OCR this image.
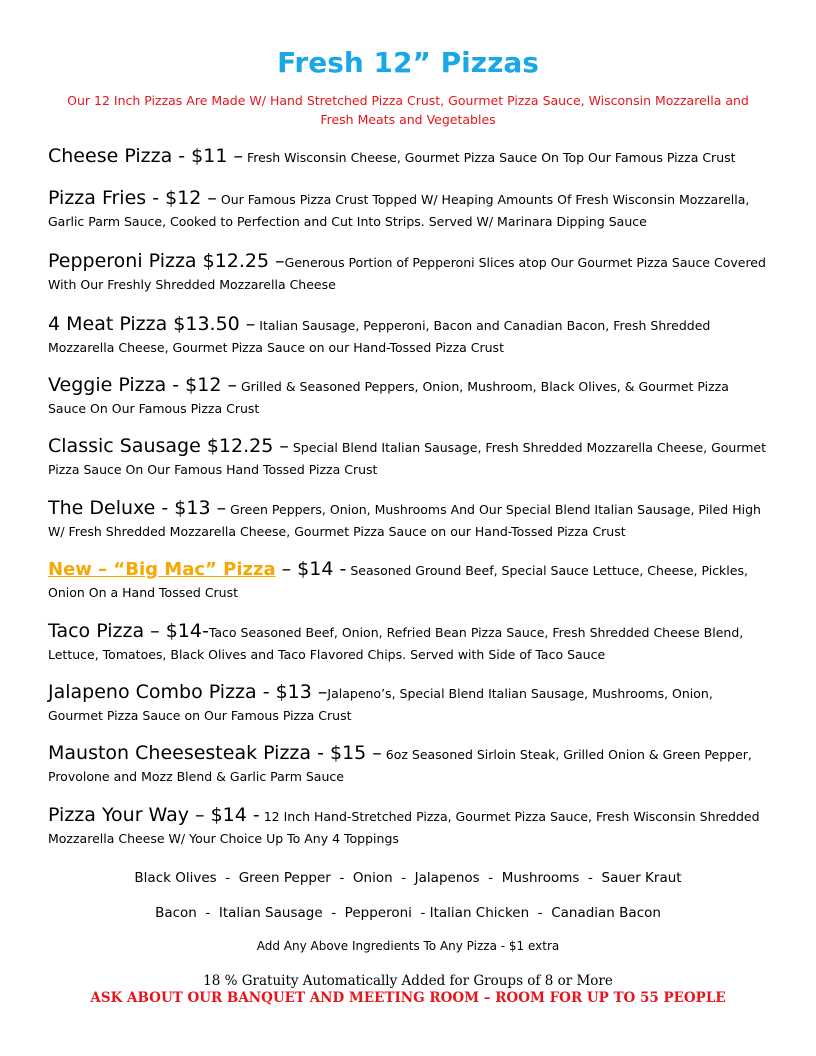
Fresh 12” Pizzas
Our 12 Inch Pizzas Are Made W/ Hand Stretched Pizza Crust, Gourmet Pizza Sauce, Wisconsin Mozzarella and Fresh Meats and Vegetables
Cheese Pizza - $11 – Fresh Wisconsin Cheese, Gourmet Pizza Sauce On Top Our Famous Pizza Crust
Pizza Fries - $12 – Our Famous Pizza Crust Topped W/ Heaping Amounts Of Fresh Wisconsin Mozzarella, Garlic Parm Sauce, Cooked to Perfection and Cut Into Strips. Served W/ Marinara Dipping Sauce
Pepperoni Pizza $12.25 –Generous Portion of Pepperoni Slices atop Our Gourmet Pizza Sauce Covered With Our Freshly Shredded Mozzarella Cheese
4 Meat Pizza $13.50 – Italian Sausage, Pepperoni, Bacon and Canadian Bacon, Fresh Shredded Mozzarella Cheese, Gourmet Pizza Sauce on our Hand-Tossed Pizza Crust
Veggie Pizza - $12 – Grilled & Seasoned Peppers, Onion, Mushroom, Black Olives, & Gourmet Pizza Sauce On Our Famous Pizza Crust
Classic Sausage $12.25 – Special Blend Italian Sausage, Fresh Shredded Mozzarella Cheese, Gourmet Pizza Sauce On Our Famous Hand Tossed Pizza Crust
The Deluxe - $13 – Green Peppers, Onion, Mushrooms And Our Special Blend Italian Sausage, Piled High W/ Fresh Shredded Mozzarella Cheese, Gourmet Pizza Sauce on our Hand-Tossed Pizza Crust
New – “Big Mac” Pizza – $14 - Seasoned Ground Beef, Special Sauce Lettuce, Cheese, Pickles, Onion On a Hand Tossed Crust
Taco Pizza – $14-Taco Seasoned Beef, Onion, Refried Bean Pizza Sauce, Fresh Shredded Cheese Blend, Lettuce, Tomatoes, Black Olives and Taco Flavored Chips. Served with Side of Taco Sauce
Jalapeno Combo Pizza - $13 –Jalapeno’s, Special Blend Italian Sausage, Mushrooms, Onion, Gourmet Pizza Sauce on Our Famous Pizza Crust
Mauston Cheesesteak Pizza - $15 – 6oz Seasoned Sirloin Steak, Grilled Onion & Green Pepper, Provolone and Mozz Blend & Garlic Parm Sauce
Pizza Your Way – $14 - 12 Inch Hand-Stretched Pizza, Gourmet Pizza Sauce, Fresh Wisconsin Shredded Mozzarella Cheese W/ Your Choice Up To Any 4 Toppings
Black Olives  -  Green Pepper  -  Onion  -  Jalapenos  -  Mushrooms  -  Sauer Kraut
Bacon  -  Italian Sausage  -  Pepperoni  - Italian Chicken  -  Canadian Bacon
Add Any Above Ingredients To Any Pizza - $1 extra
18 % Gratuity Automatically Added for Groups of 8 or More
ASK ABOUT OUR BANQUET AND MEETING ROOM – ROOM FOR UP TO 55 PEOPLE
